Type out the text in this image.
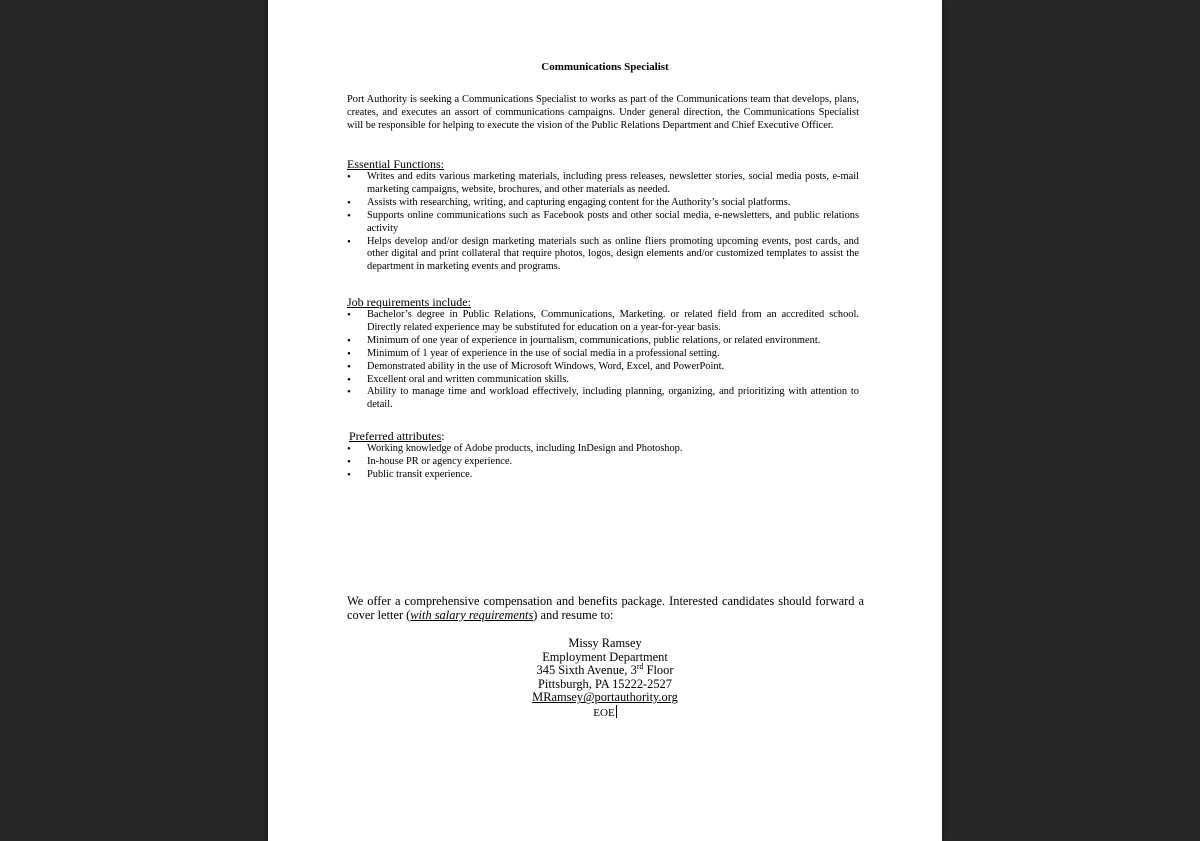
Communications Specialist
Port Authority is seeking a Communications Specialist to works as part of the Communications team that develops, plans, creates, and executes an assort of communications campaigns. Under general direction, the Communications Specialist will be responsible for helping to execute the vision of the Public Relations Department and Chief Executive Officer.
Essential Functions:
• Writes and edits various marketing materials, including press releases, newsletter stories, social media posts, e-mail marketing campaigns, website, brochures, and other materials as needed.
• Assists with researching, writing, and capturing engaging content for the Authority’s social platforms.
• Supports online communications such as Facebook posts and other social media, e-newsletters, and public relations activity
• Helps develop and/or design marketing materials such as online fliers promoting upcoming events, post cards, and other digital and print collateral that require photos, logos, design elements and/or customized templates to assist the department in marketing events and programs.
Job requirements include:
• Bachelor’s degree in Public Relations, Communications, Marketing. or related field from an accredited school. Directly related experience may be substituted for education on a year-for-year basis.
• Minimum of one year of experience in journalism, communications, public relations, or related environment.
• Minimum of 1 year of experience in the use of social media in a professional setting.
• Demonstrated ability in the use of Microsoft Windows, Word, Excel, and PowerPoint.
• Excellent oral and written communication skills.
• Ability to manage time and workload effectively, including planning, organizing, and prioritizing with attention to detail.
Preferred attributes:
• Working knowledge of Adobe products, including InDesign and Photoshop.
• In-house PR or agency experience.
• Public transit experience.
We offer a comprehensive compensation and benefits package. Interested candidates should forward a cover letter (with salary requirements) and resume to:
Missy Ramsey
Employment Department
345 Sixth Avenue, 3rd Floor
Pittsburgh, PA 15222-2527
MRamsey@portauthority.org
EOE
